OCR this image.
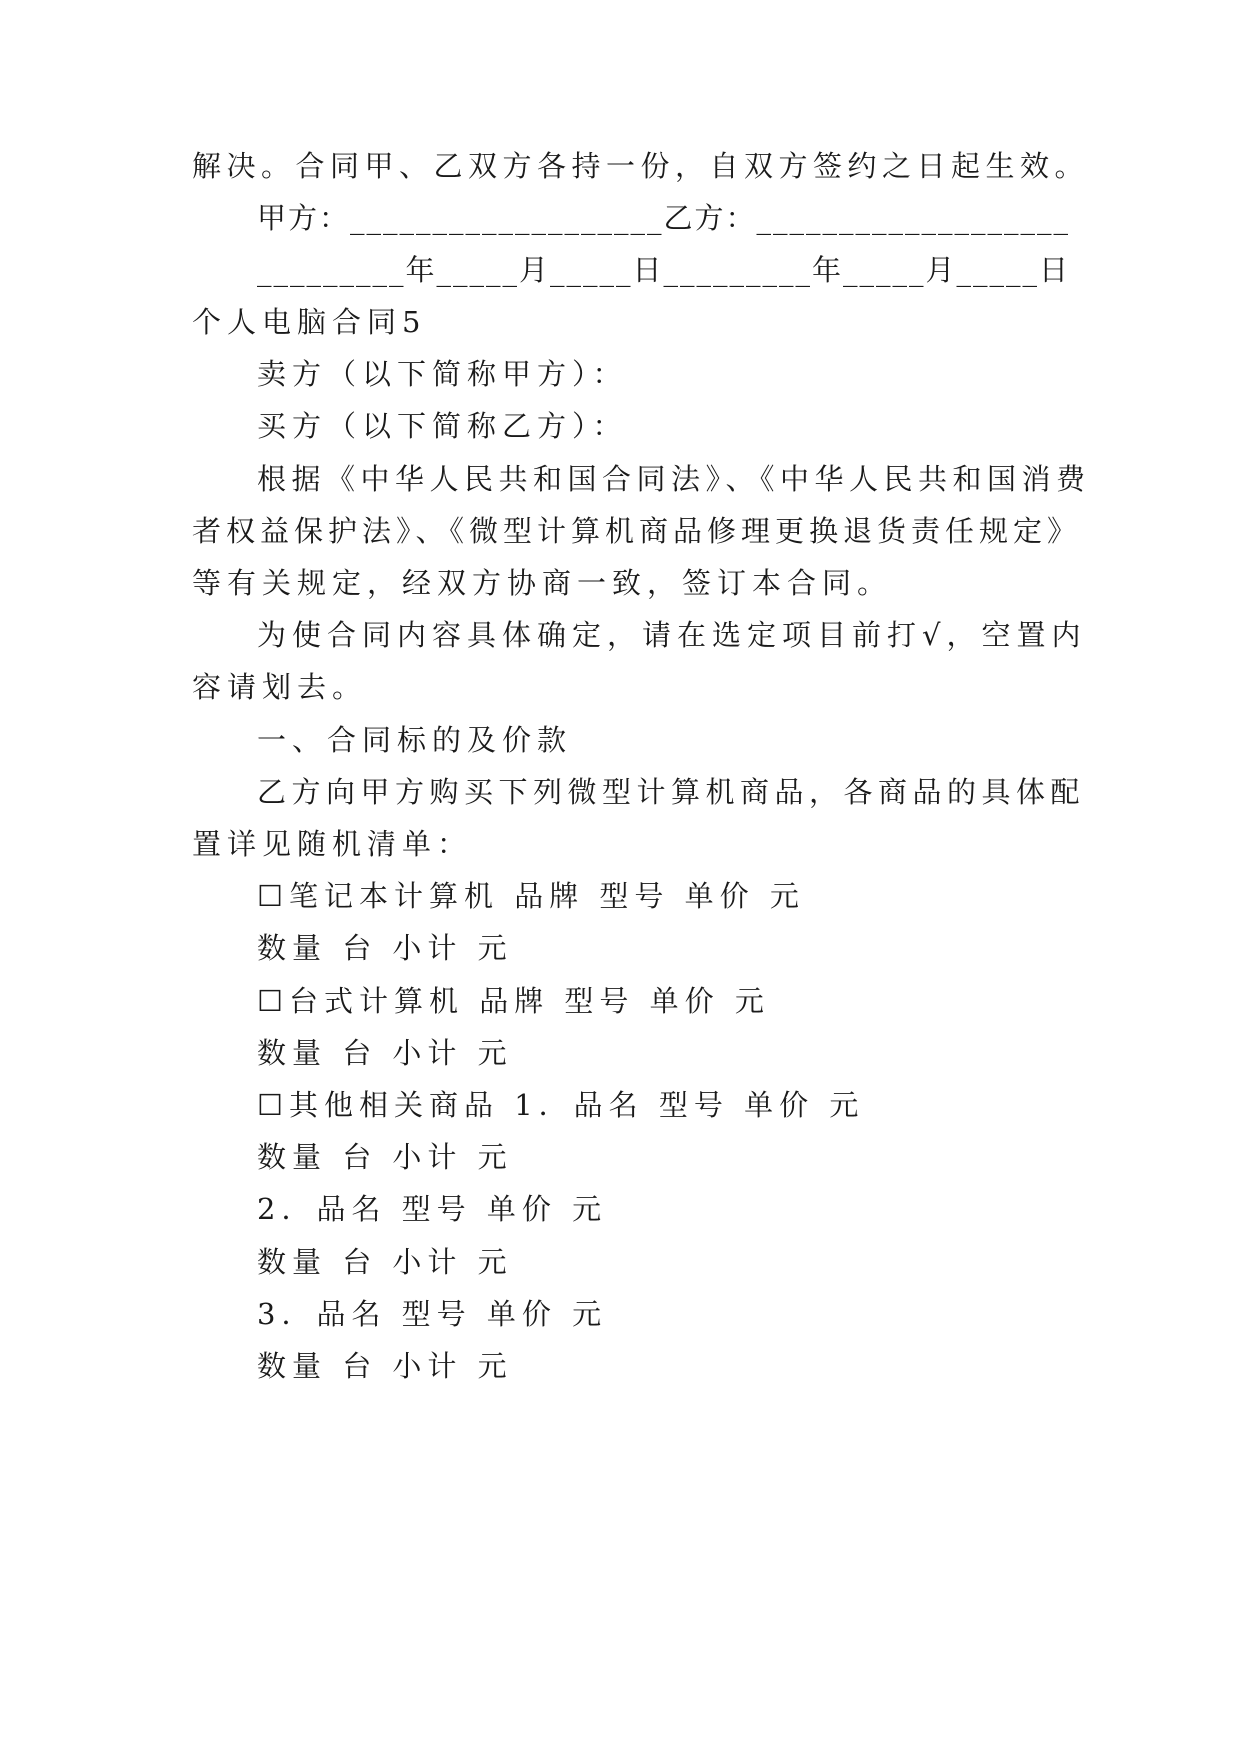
解决。合同甲、乙双方各持一份，自双方签约之日起生效。
甲方：___________________乙方：___________________
_________年_____月_____日_________年_____月_____日
个人电脑合同5
卖方（以下简称甲方）：
买方（以下简称乙方）：
根据《中华人民共和国合同法》、《中华人民共和国消费
者权益保护法》、《微型计算机商品修理更换退货责任规定》
等有关规定，经双方协商一致，签订本合同。
为使合同内容具体确定，请在选定项目前打√，空置内
容请划去。
一、合同标的及价款
乙方向甲方购买下列微型计算机商品，各商品的具体配
置详见随机清单：
☐笔记本计算机 品牌 型号 单价 元
数量 台 小计 元
☐台式计算机 品牌 型号 单价 元
数量 台 小计 元
☐其他相关商品 1．品名 型号 单价 元
数量 台 小计 元
2．品名 型号 单价 元
数量 台 小计 元
3．品名 型号 单价 元
数量 台 小计 元
